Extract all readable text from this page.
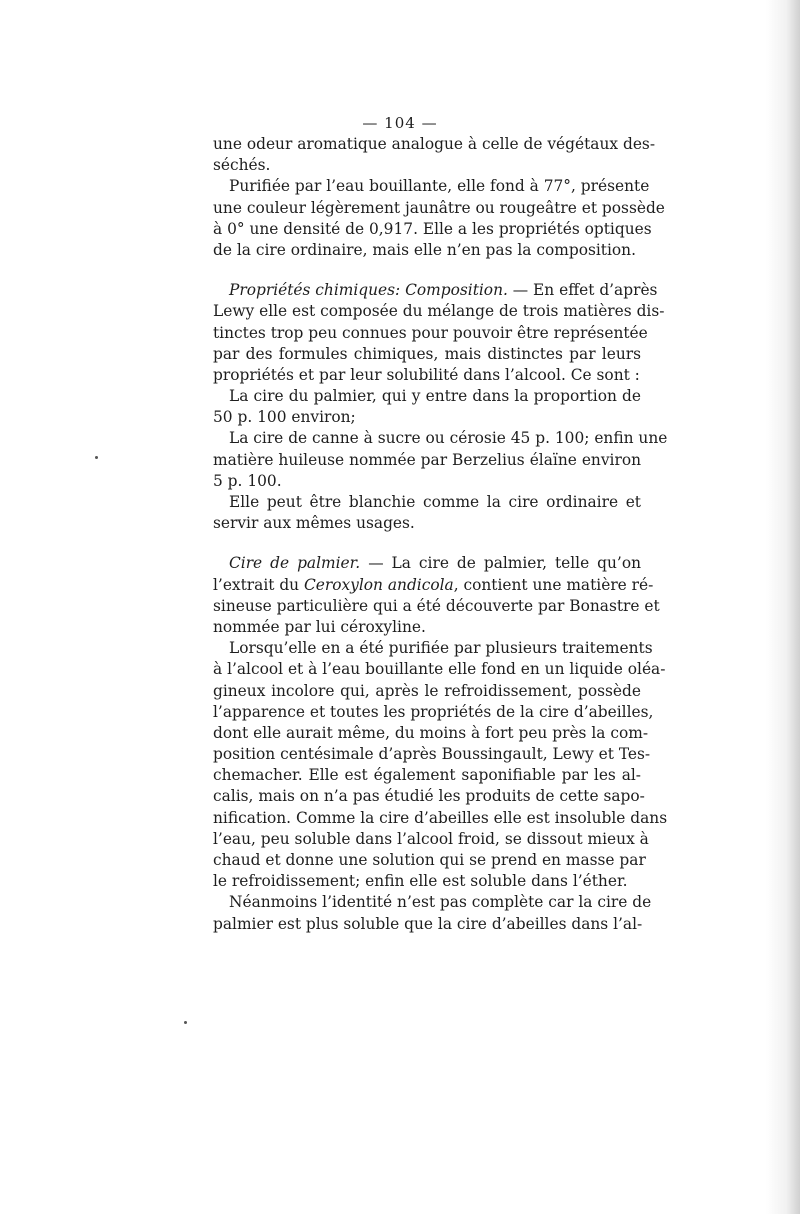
— 104 —
une odeur aromatique analogue à celle de végétaux des-
séchés.
Purifiée par l’eau bouillante, elle fond à 77°, présente
une couleur légèrement jaunâtre ou rougeâtre et possède
à 0° une densité de 0,917. Elle a les propriétés optiques
de la cire ordinaire, mais elle n’en pas la composition.
Propriétés chimiques: Composition. — En effet d’après
Lewy elle est composée du mélange de trois matières dis-
tinctes trop peu connues pour pouvoir être représentée
par des formules chimiques, mais distinctes par leurs
propriétés et par leur solubilité dans l’alcool. Ce sont :
La cire du palmier, qui y entre dans la proportion de
50 p. 100 environ;
La cire de canne à sucre ou cérosie 45 p. 100; enfin une
matière huileuse nommée par Berzelius élaïne environ
5 p. 100.
Elle peut être blanchie comme la cire ordinaire et
servir aux mêmes usages.
Cire de palmier. — La cire de palmier, telle qu’on
l’extrait du Ceroxylon andicola, contient une matière ré-
sineuse particulière qui a été découverte par Bonastre et
nommée par lui céroxyline.
Lorsqu’elle en a été purifiée par plusieurs traitements
à l’alcool et à l’eau bouillante elle fond en un liquide oléa-
gineux incolore qui, après le refroidissement, possède
l’apparence et toutes les propriétés de la cire d’abeilles,
dont elle aurait même, du moins à fort peu près la com-
position centésimale d’après Boussingault, Lewy et Tes-
chemacher. Elle est également saponifiable par les al-
calis, mais on n’a pas étudié les produits de cette sapo-
nification. Comme la cire d’abeilles elle est insoluble dans
l’eau, peu soluble dans l’alcool froid, se dissout mieux à
chaud et donne une solution qui se prend en masse par
le refroidissement; enfin elle est soluble dans l’éther.
Néanmoins l’identité n’est pas complète car la cire de
palmier est plus soluble que la cire d’abeilles dans l’al-
